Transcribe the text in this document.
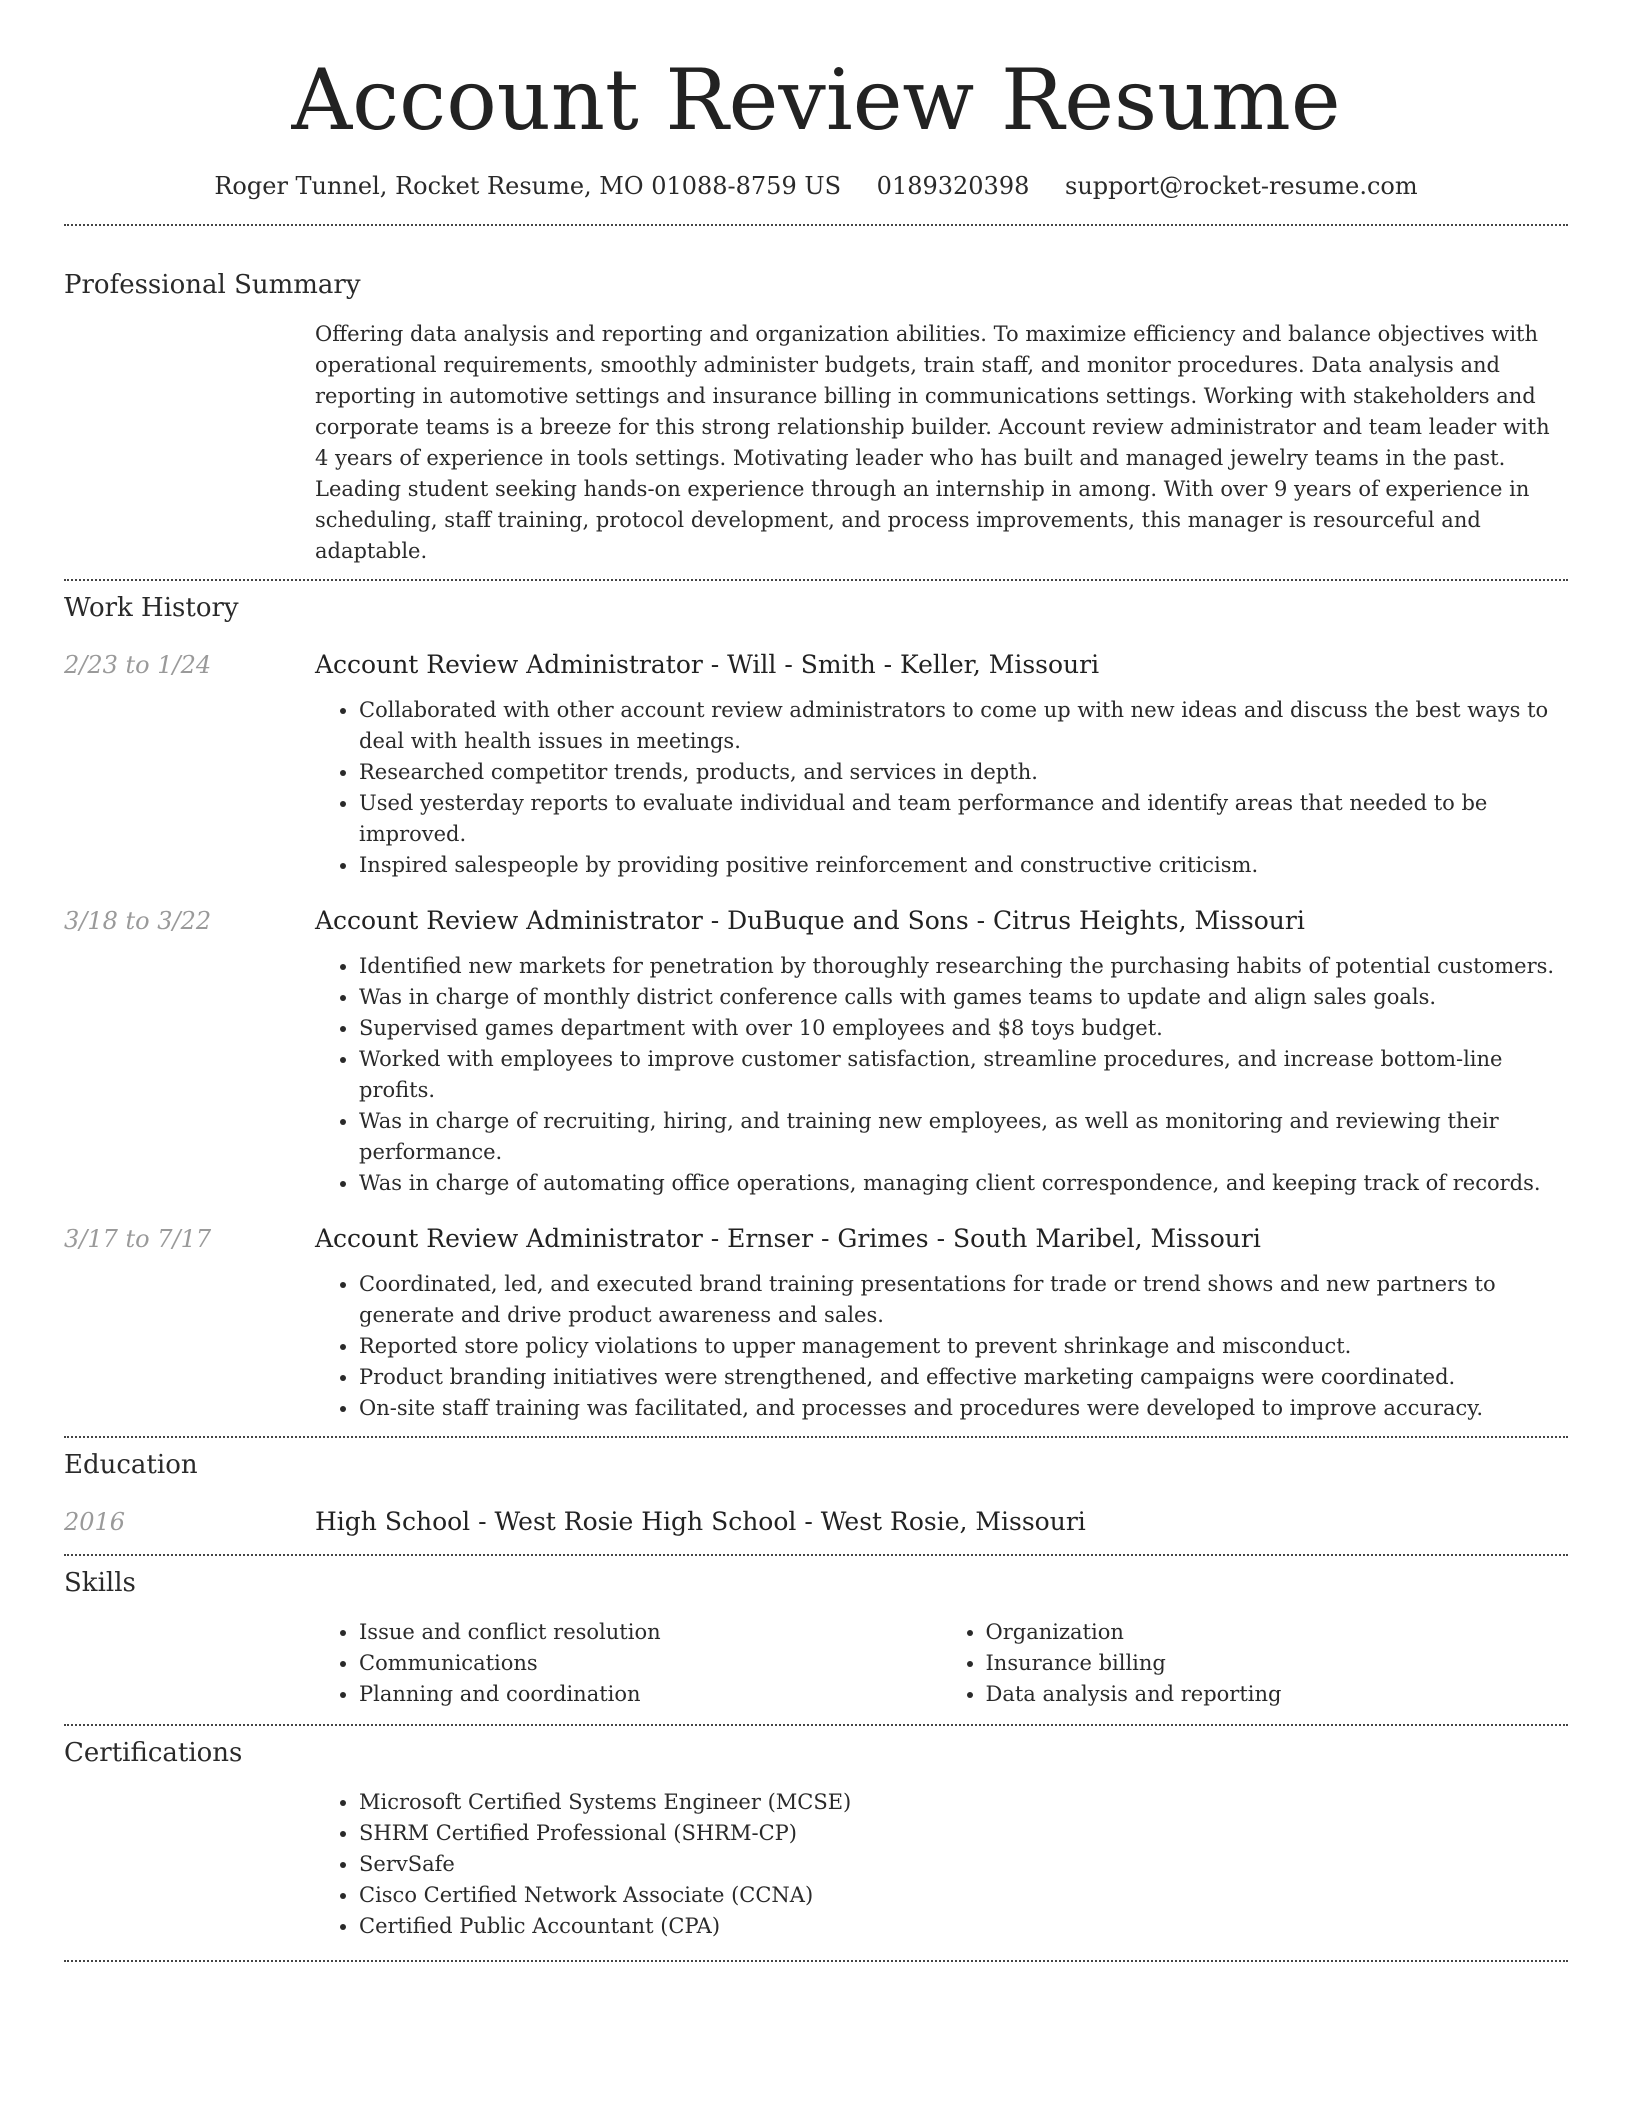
Account Review Resume
Roger Tunnel, Rocket Resume, MO 01088-8759 US 0189320398 support@rocket-resume.com
Professional Summary
Offering data analysis and reporting and organization abilities. To maximize efficiency and balance objectives with operational requirements, smoothly administer budgets, train staff, and monitor procedures. Data analysis and reporting in automotive settings and insurance billing in communications settings. Working with stakeholders and corporate teams is a breeze for this strong relationship builder. Account review administrator and team leader with 4 years of experience in tools settings. Motivating leader who has built and managed jewelry teams in the past. Leading student seeking hands-on experience through an internship in among. With over 9 years of experience in scheduling, staff training, protocol development, and process improvements, this manager is resourceful and adaptable.
Work History
2/23 to 1/24	Account Review Administrator - Will - Smith - Keller, Missouri
• Collaborated with other account review administrators to come up with new ideas and discuss the best ways to deal with health issues in meetings.
• Researched competitor trends, products, and services in depth.
• Used yesterday reports to evaluate individual and team performance and identify areas that needed to be improved.
• Inspired salespeople by providing positive reinforcement and constructive criticism.
3/18 to 3/22	Account Review Administrator - DuBuque and Sons - Citrus Heights, Missouri
• Identified new markets for penetration by thoroughly researching the purchasing habits of potential customers.
• Was in charge of monthly district conference calls with games teams to update and align sales goals.
• Supervised games department with over 10 employees and $8 toys budget.
• Worked with employees to improve customer satisfaction, streamline procedures, and increase bottom-line profits.
• Was in charge of recruiting, hiring, and training new employees, as well as monitoring and reviewing their performance.
• Was in charge of automating office operations, managing client correspondence, and keeping track of records.
3/17 to 7/17	Account Review Administrator - Ernser - Grimes - South Maribel, Missouri
• Coordinated, led, and executed brand training presentations for trade or trend shows and new partners to generate and drive product awareness and sales.
• Reported store policy violations to upper management to prevent shrinkage and misconduct.
• Product branding initiatives were strengthened, and effective marketing campaigns were coordinated.
• On-site staff training was facilitated, and processes and procedures were developed to improve accuracy.
Education
2016	High School - West Rosie High School - West Rosie, Missouri
Skills
• Issue and conflict resolution
• Communications
• Planning and coordination
• Organization
• Insurance billing
• Data analysis and reporting
Certifications
• Microsoft Certified Systems Engineer (MCSE)
• SHRM Certified Professional (SHRM-CP)
• ServSafe
• Cisco Certified Network Associate (CCNA)
• Certified Public Accountant (CPA)
